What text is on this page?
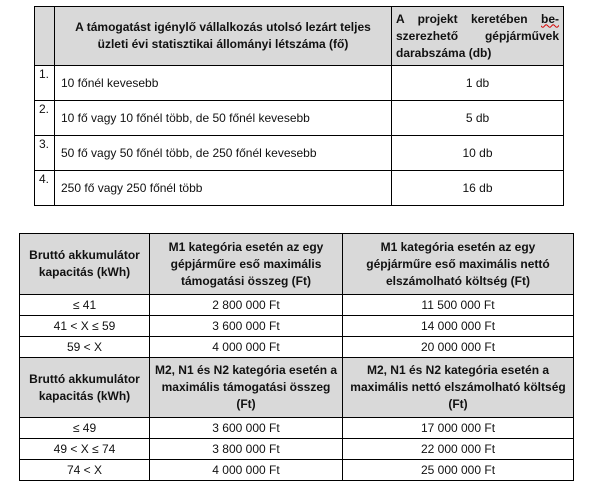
	A támogatást igénylő vállalkozás utolsó lezárt teljes üzleti évi statisztikai állományi létszáma (fő)	A projekt keretében be-
szerezhető gépjárművek
darabszáma (db)
1.	10 főnél kevesebb	1 db
2.	10 fő vagy 10 főnél több, de 50 főnél kevesebb	5 db
3.	50 fő vagy 50 főnél több, de 250 főnél kevesebb	10 db
4.	250 fő vagy 250 főnél több	16 db
Bruttó akkumulátor kapacitás (kWh)	M1 kategória esetén az egy gépjárműre eső maximális támogatási összeg (Ft)	M1 kategória esetén az egy gépjárműre eső maximális nettó elszámolható költség (Ft)
≤ 41	2 800 000 Ft	11 500 000 Ft
41 < X ≤ 59	3 600 000 Ft	14 000 000 Ft
59 < X	4 000 000 Ft	20 000 000 Ft
Bruttó akkumulátor kapacitás (kWh)	M2, N1 és N2 kategória esetén a maximális támogatási összeg (Ft)	M2, N1 és N2 kategória esetén a maximális nettó elszámolható költség (Ft)
≤ 49	3 600 000 Ft	17 000 000 Ft
49 < X ≤ 74	3 800 000 Ft	22 000 000 Ft
74 < X	4 000 000 Ft	25 000 000 Ft
